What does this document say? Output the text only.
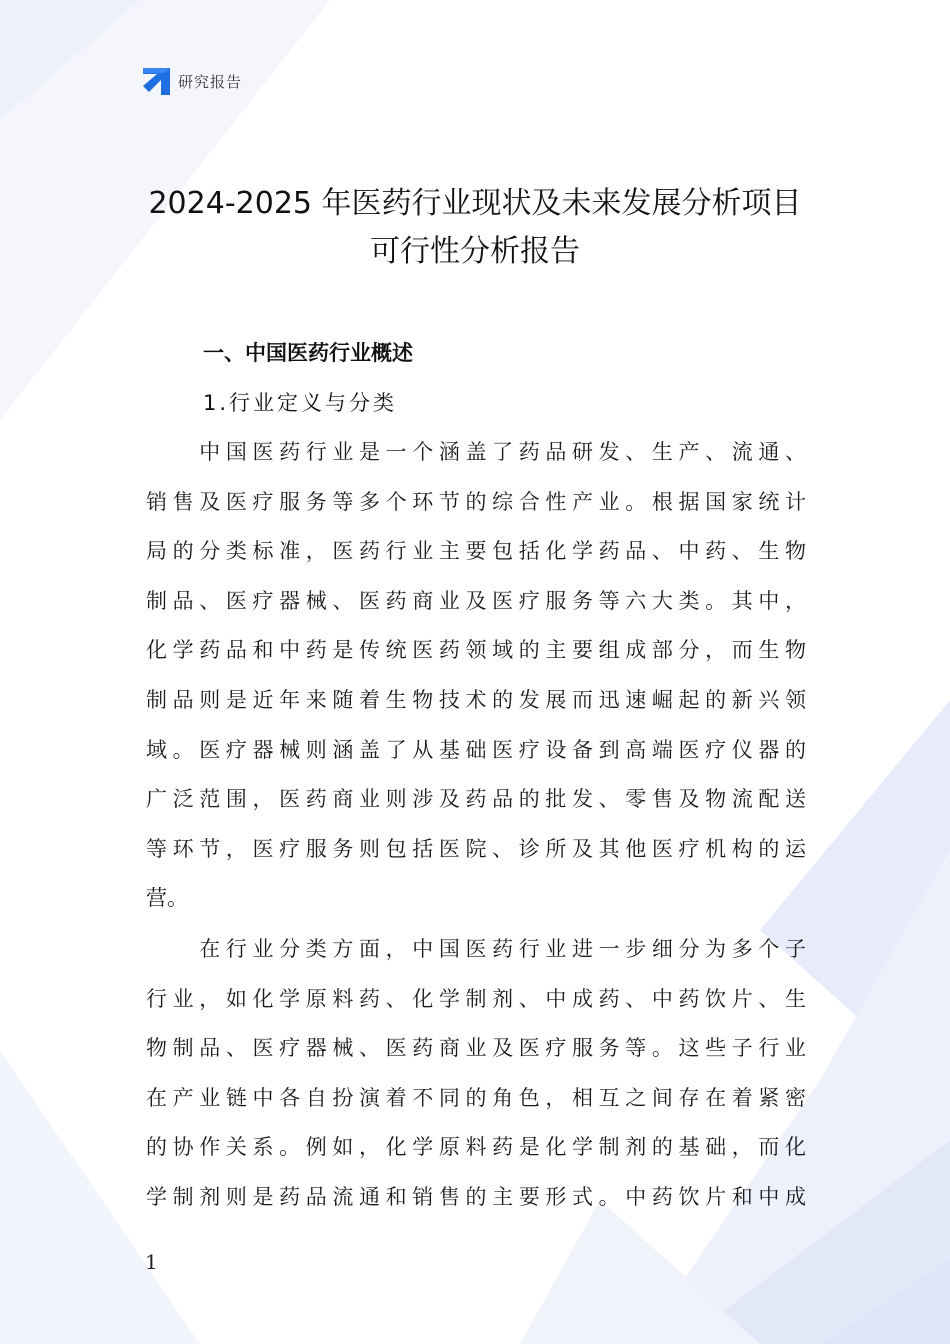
研究报告
2024-2025 年医药行业现状及未来发展分析项目
可行性分析报告
一、中国医药行业概述
1.行业定义与分类

中 国 医 药 行 业 是 一 个 涵 盖 了 药 品 研 发 、 生 产 、 流 通 、
销 售 及 医 疗 服 务 等 多 个 环 节 的 综 合 性 产 业 。 根 据 国 家 统 计
局 的 分 类 标 准 ， 医 药 行 业 主 要 包 括 化 学 药 品 、 中 药 、 生 物
制 品 、 医 疗 器 械 、 医 药 商 业 及 医 疗 服 务 等 六 大 类 。 其 中 ，
化 学 药 品 和 中 药 是 传 统 医 药 领 域 的 主 要 组 成 部 分 ， 而 生 物
制 品 则 是 近 年 来 随 着 生 物 技 术 的 发 展 而 迅 速 崛 起 的 新 兴 领
域 。 医 疗 器 械 则 涵 盖 了 从 基 础 医 疗 设 备 到 高 端 医 疗 仪 器 的
广 泛 范 围 ， 医 药 商 业 则 涉 及 药 品 的 批 发 、 零 售 及 物 流 配 送
等 环 节 ， 医 疗 服 务 则 包 括 医 院 、 诊 所 及 其 他 医 疗 机 构 的 运
营。

在 行 业 分 类 方 面 ， 中 国 医 药 行 业 进 一 步 细 分 为 多 个 子
行 业 ， 如 化 学 原 料 药 、 化 学 制 剂 、 中 成 药 、 中 药 饮 片 、 生
物 制 品 、 医 疗 器 械 、 医 药 商 业 及 医 疗 服 务 等 。 这 些 子 行 业
在 产 业 链 中 各 自 扮 演 着 不 同 的 角 色 ， 相 互 之 间 存 在 着 紧 密
的 协 作 关 系 。 例 如 ， 化 学 原 料 药 是 化 学 制 剂 的 基 础 ， 而 化
学 制 剂 则 是 药 品 流 通 和 销 售 的 主 要 形 式 。 中 药 饮 片 和 中 成
1
